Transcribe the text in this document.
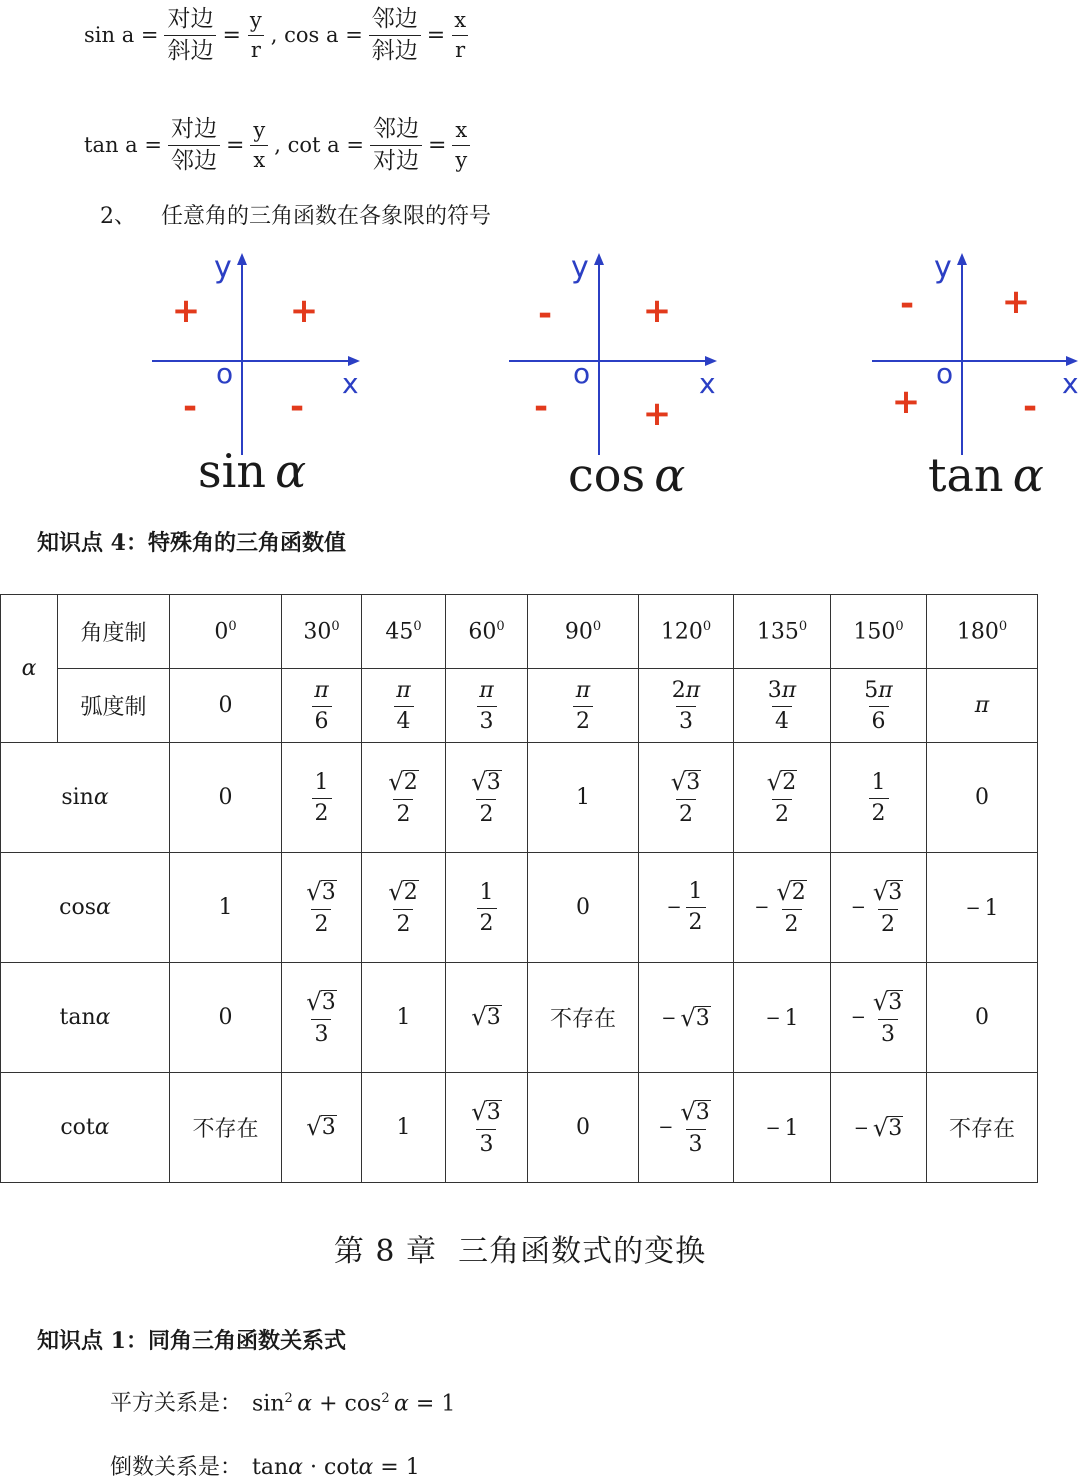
$\sin a = \frac{\text{对边}}{\text{斜边}} = \frac{y}{r}$ , $\cos a = \frac{\text{邻边}}{\text{斜边}} = \frac{x}{r}$
$\tan a = \frac{\text{对边}}{\text{邻边}} = \frac{y}{x}$ , $\cot a = \frac{\text{邻边}}{\text{对边}} = \frac{x}{y}$
2、 任意角的三角函数在各象限的符号
y
x
o
+	+
-	-
sin  α
y
x
o
-	+
-	+
cos  α
y
x
o
-	+
+	-
tan  α
知识点 4：特殊角的三角函数值
α	角度制	$0^0$	$30^0$	$45^0$	$60^0$	$90^0$	$120^0$	$135^0$	$150^0$	$180^0$
	弧度制	0	$\frac{\pi}{6}$	$\frac{\pi}{4}$	$\frac{\pi}{3}$	$\frac{\pi}{2}$	$\frac{2\pi}{3}$	$\frac{3\pi}{4}$	$\frac{5\pi}{6}$	π

sinα		0	$\frac{1}{2}$	$\frac{√ 2}{2}$	$\frac{√ 3}{2}$	1	$\frac{√ 3}{2}$	$\frac{√ 2}{2}$	$\frac{1}{2}$	0

cosα		1	$\frac{√ 3}{2}$	$\frac{√ 2}{2}$	$\frac{1}{2}$	0	− $\frac{1}{2}$	− $\frac{√ 2}{2}$	− $\frac{√ 3}{2}$	− 1

tanα		0	$\frac{√ 3}{3}$	1	√ 3	不存在	− √ 3	− 1	− $\frac{√ 3}{3}$	0

cotα		不存在	√ 3	1	$\frac{√ 3}{3}$	0	− $\frac{√ 3}{3}$	− 1	− √ 3	不存在
第 8 章  三角函数式的变换
知识点 1：同角三角函数关系式
平方关系是： $\sin^2 \alpha + \cos^2 \alpha = 1$
倒数关系是： tanα · cotα = 1
